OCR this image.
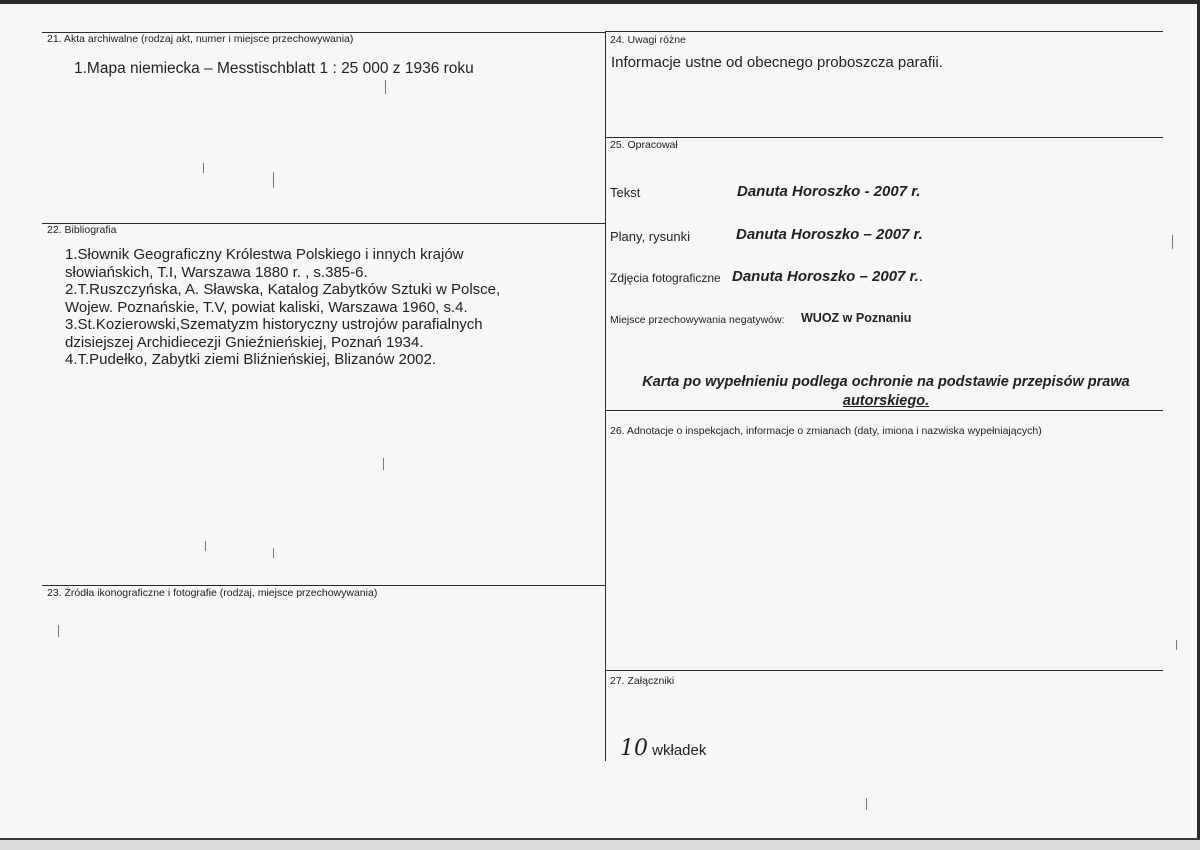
21. Akta archiwalne (rodzaj akt, numer i miejsce przechowywania)
1.Mapa niemiecka – Messtischblatt 1 : 25 000 z 1936 roku
22. Bibliografia
1.Słownik Geograficzny Królestwa Polskiego i innych krajów
słowiańskich, T.I, Warszawa 1880 r. , s.385-6.
2.T.Ruszczyńska, A. Sławska, Katalog Zabytków Sztuki w Polsce,
Wojew. Poznańskie, T.V, powiat kaliski, Warszawa 1960, s.4.
3.St.Kozierowski,Szematyzm historyczny ustrojów parafialnych
dzisiejszej Archidiecezji Gnieźnieńskiej, Poznań 1934.
4.T.Pudełko, Zabytki ziemi Bliźnieńskiej, Blizanów 2002.
23. Źródła ikonograficzne i fotografie (rodzaj, miejsce przechowywania)
24. Uwagi różne
Informacje ustne od obecnego proboszcza parafii.
25. Opracował
Tekst	Danuta Horoszko - 2007 r.
Plany, rysunki	Danuta Horoszko – 2007 r.
Zdjęcia fotograficzne Danuta Horoszko – 2007 r..
Miejsce przechowywania negatywów: WUOZ w Poznaniu
Karta po wypełnieniu podlega ochronie na podstawie przepisów prawa
autorskiego.
26. Adnotacje o inspekcjach, informacje o zmianach (daty, imiona i nazwiska wypełniających)
27. Załączniki
10 wkładek
